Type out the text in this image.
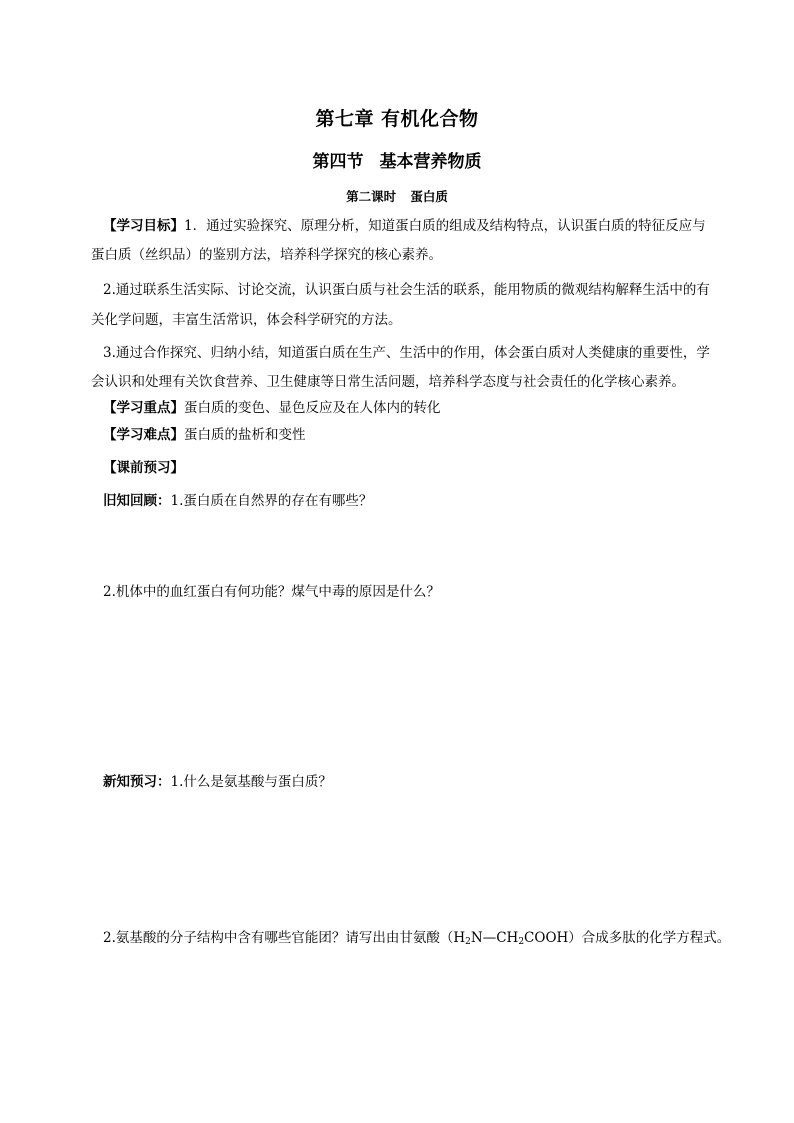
第七章 有机化合物
第四节 基本营养物质
第二课时 蛋白质
【学习目标】1．通过实验探究、原理分析，知道蛋白质的组成及结构特点，认识蛋白质的特征反应与
蛋白质（丝织品）的鉴别方法，培养科学探究的核心素养。
2.通过联系生活实际、讨论交流，认识蛋白质与社会生活的联系，能用物质的微观结构解释生活中的有
关化学问题，丰富生活常识，体会科学研究的方法。
3.通过合作探究、归纳小结，知道蛋白质在生产、生活中的作用，体会蛋白质对人类健康的重要性，学
会认识和处理有关饮食营养、卫生健康等日常生活问题，培养科学态度与社会责任的化学核心素养。
【学习重点】蛋白质的变色、显色反应及在人体内的转化
【学习难点】蛋白质的盐析和变性
【课前预习】
旧知回顾：1.蛋白质在自然界的存在有哪些？
2.机体中的血红蛋白有何功能？煤气中毒的原因是什么？
新知预习：1.什么是氨基酸与蛋白质？
2.氨基酸的分子结构中含有哪些官能团？请写出由甘氨酸$(H_2N—CH_2COOH)$合成多肽的化学方程式。
